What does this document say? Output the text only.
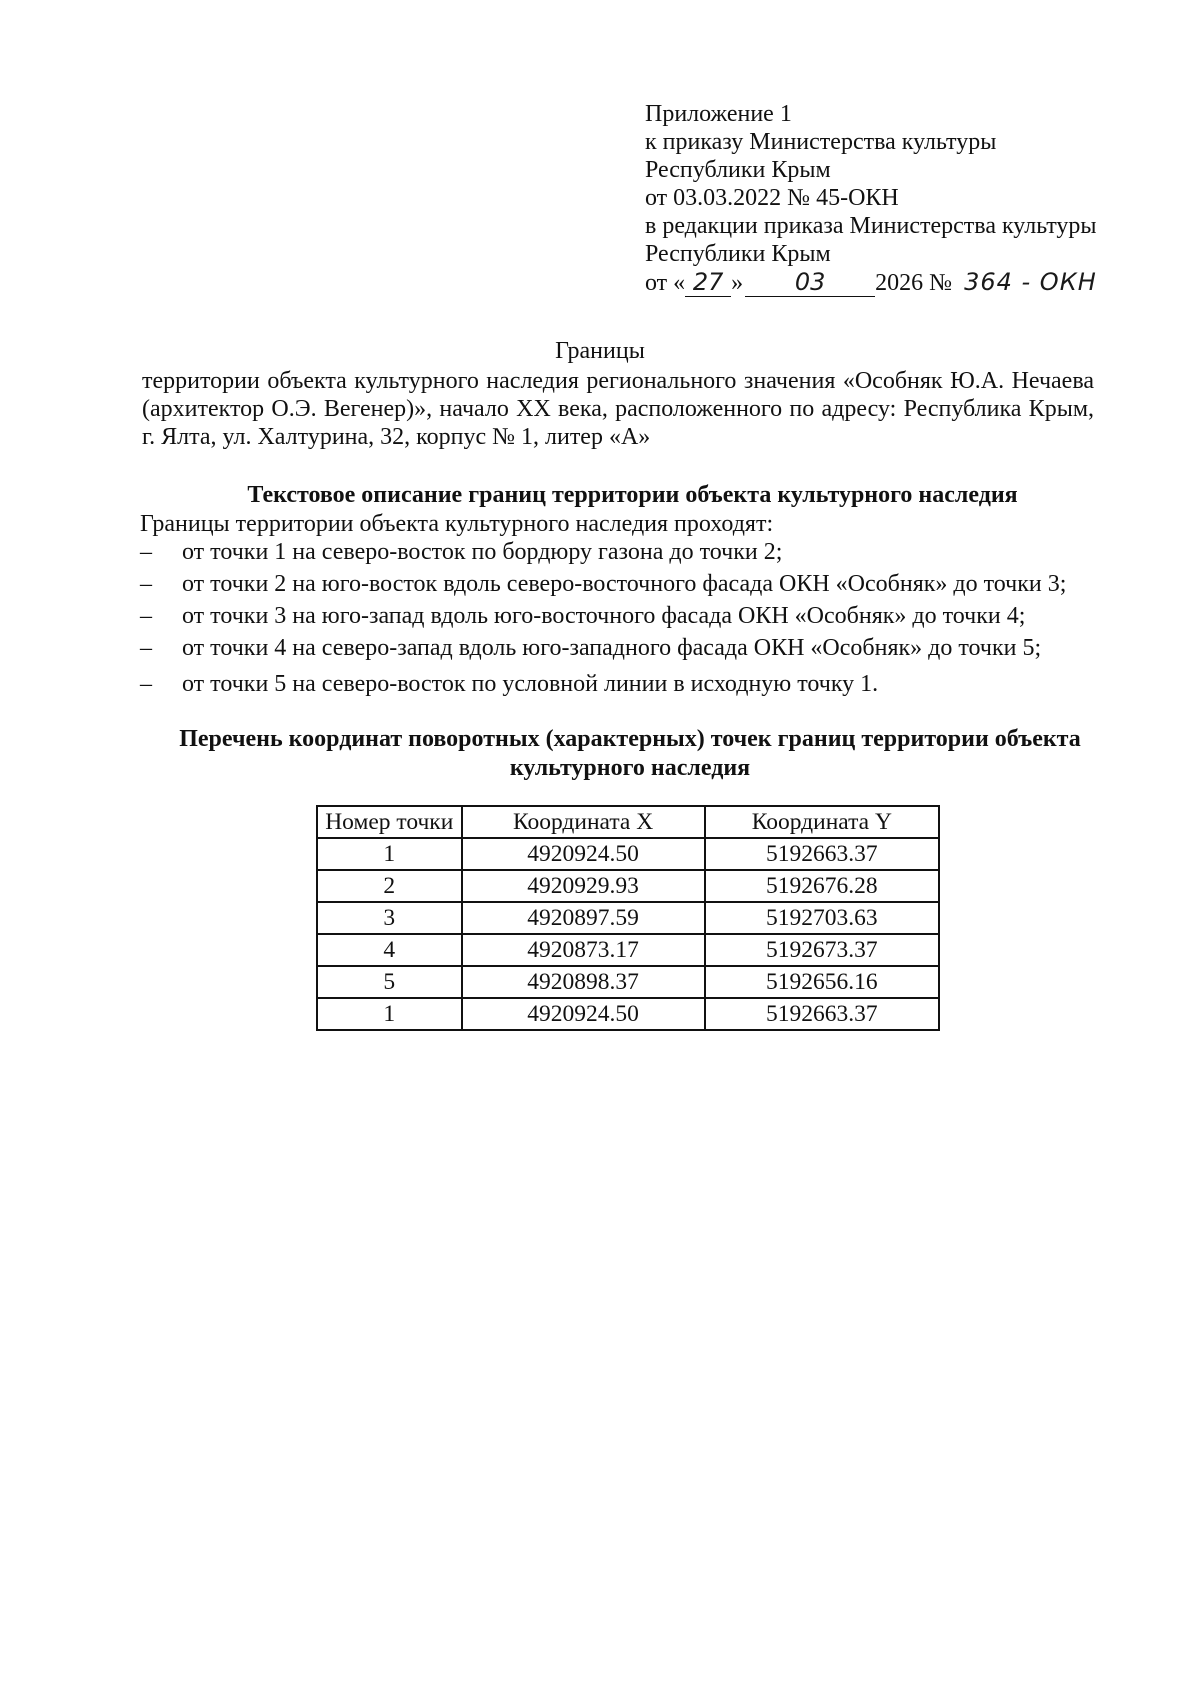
Приложение 1
к приказу Министерства культуры
Республики Крым
от 03.03.2022 № 45-ОКН
в редакции приказа Министерства культуры
Республики Крым
от « 27 » 03 2026 № 364 - ОКН
Границы
территории объекта культурного наследия регионального значения «Особняк Ю.А. Нечаева (архитектор О.Э. Вегенер)», начало XX века, расположенного по адресу: Республика Крым, г. Ялта, ул. Халтурина, 32, корпус № 1, литер «А»
Текстовое описание границ территории объекта культурного наследия
Границы территории объекта культурного наследия проходят:
– от точки 1 на северо-восток по бордюру газона до точки 2;
– от точки 2 на юго-восток вдоль северо-восточного фасада ОКН «Особняк» до точки 3;
– от точки 3 на юго-запад вдоль юго-восточного фасада ОКН «Особняк» до точки 4;
– от точки 4 на северо-запад вдоль юго-западного фасада ОКН «Особняк» до точки 5;
– от точки 5 на северо-восток по условной линии в исходную точку 1.
Перечень координат поворотных (характерных) точек границ территории объекта
культурного наследия
Номер точки	Координата X	Координата Y
1	4920924.50	5192663.37
2	4920929.93	5192676.28
3	4920897.59	5192703.63
4	4920873.17	5192673.37
5	4920898.37	5192656.16
1	4920924.50	5192663.37
